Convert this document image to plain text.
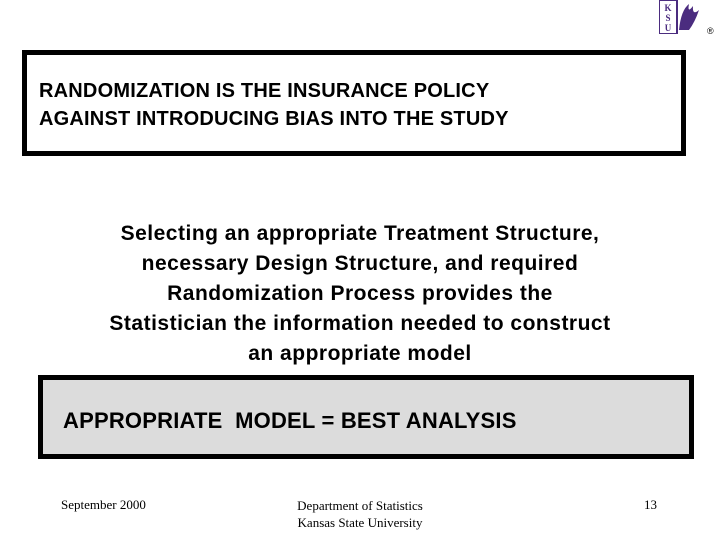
K
S
U	®
RANDOMIZATION IS THE INSURANCE POLICY
AGAINST INTRODUCING BIAS INTO THE STUDY
Selecting an appropriate Treatment Structure,
necessary Design Structure, and required
Randomization Process provides the
Statistician the information needed to construct
an appropriate model
APPROPRIATE  MODEL = BEST ANALYSIS
September 2000	Department of Statistics
Kansas State University
13
